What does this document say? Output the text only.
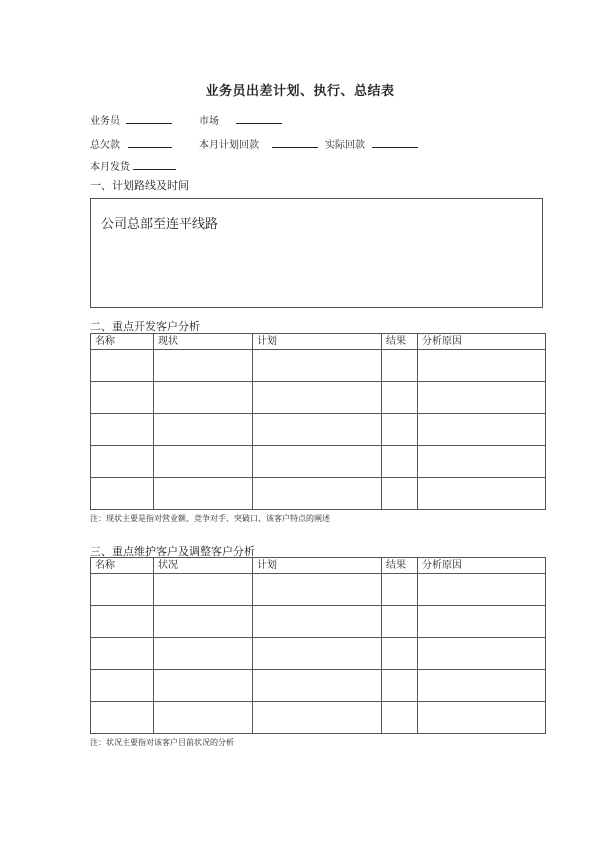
业务员出差计划、执行、总结表
业务员	市场
总欠款	本月计划回款	实际回款
本月发货
一、计划路线及时间
公司总部至连平线路
二、重点开发客户分析
名称	现状	计划	结果	分析原因

注：现状主要是指对营业额、竞争对手、突破口、该客户特点的阐述
三、重点维护客户及调整客户分析
名称	状况	计划	结果	分析原因

注：状况主要指对该客户目前状况的分析
